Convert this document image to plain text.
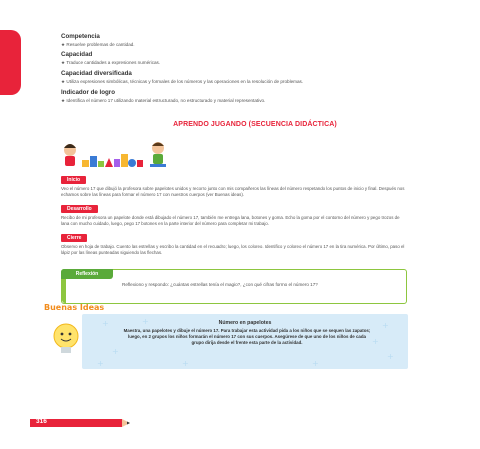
Competencia
★ Resuelve problemas de cantidad.
Capacidad
★ Traduce cantidades a expresiones numéricas.
Capacidad diversificada
★ Utiliza expresiones simbólicas, técnicas y formales de los números y las operaciones en la resolución de problemas.
Indicador de logro
★ Identifica el número 17 utilizando material estructurado, no estructurado y material representativo.
APRENDO JUGANDO (SECUENCIA DIDÁCTICA)
Inicio
Veo el número 17 que dibujó la profesora sobre papelotes unidos y recorro junto con mis compañeros las líneas del número respetando los puntos de inicio y final. Después nos echamos sobre las líneas para formar el número 17 con nuestros cuerpos (ver Buenas ideas).
Desarrollo
Recibo de mi profesora un papelote donde está dibujado el número 17, también me entrega lana, botones y goma. Echo la goma por el contorno del número y pego trozos de lana con mucho cuidado, luego, pego 17 botones en la parte interior del número para completar mi trabajo.
Cierre
Observo en hoja de trabajo. Cuento las estrellas y escribo la cantidad en el recuadro; luego, los coloreo. Identifico y coloreo el número 17 en la tira numérica. Por último, paso el lápiz por las líneas punteadas siguiendo las flechas.
Reflexión
Reflexiono y respondo: ¿cuántas estrellas tenía el magio?, ¿con qué cifras formo el número 17?
+	+	+
+
+
+
+
+	+
Número en papelotes
Maestra, una papelotes y dibuje el número 17. Para trabajar esta actividad pida a los niños que se sequen las zapatos; luego, en 2 grupos los niños formarán el número 17 con sus cuerpos. Asegúrese de que uno de los niños de cada grupo dirija desde el frente esta parte de la actividad.
Buenas Ideas
316
